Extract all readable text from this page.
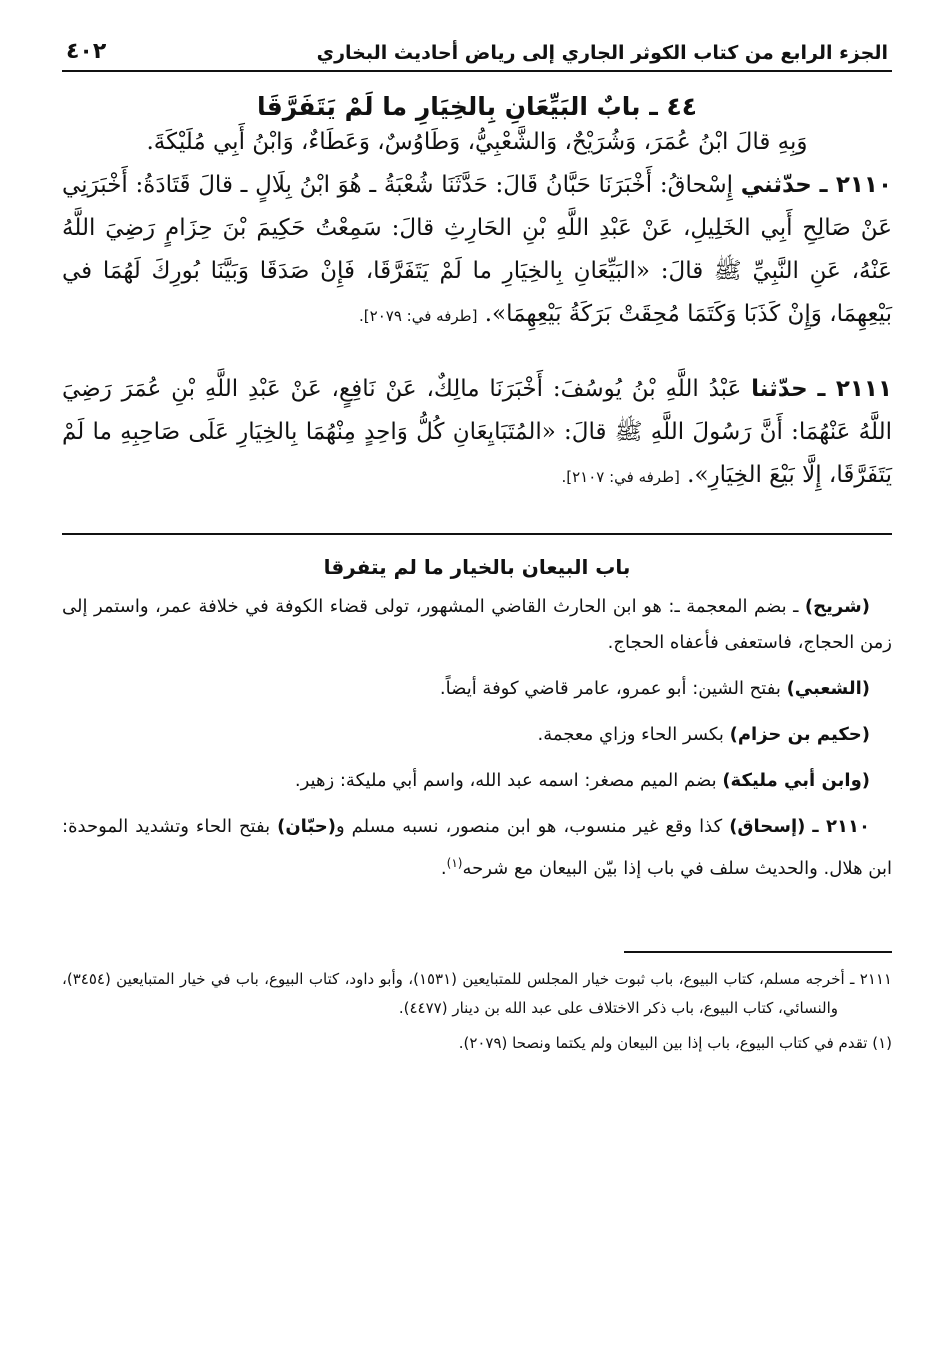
الجزء الرابع من كتاب الكوثر الجاري إلى رياض أحاديث البخاري
٤٠٢
٤٤ ـ بابٌ البَيِّعَانِ بِالخِيَارِ ما لَمْ يَتَفَرَّقَا

وَبِهِ قالَ ابْنُ عُمَرَ، وَشُرَيْحٌ، وَالشَّعْبِيُّ، وَطَاوُسٌ، وَعَطَاءٌ، وَابْنُ أَبِي مُلَيْكَةَ.

٢١١٠ ـ حدّثني إِسْحاقُ: أَخْبَرَنَا حَبَّانُ قَالَ: حَدَّثَنَا شُعْبَةُ ـ هُوَ ابْنُ بِلَالٍ ـ قالَ قَتَادَةُ: أَخْبَرَنِي عَنْ صَالِحِ أَبِي الخَلِيلِ، عَنْ عَبْدِ اللَّهِ بْنِ الحَارِثِ قالَ: سَمِعْتُ حَكِيمَ بْنَ حِزَامٍ رَضِيَ اللَّهُ عَنْهُ، عَنِ النَّبِيِّ ﷺ قالَ: «البَيِّعَانِ بِالخِيَارِ ما لَمْ يَتَفَرَّقَا، فَإِنْ صَدَقَا وَبَيَّنَا بُورِكَ لَهُمَا في بَيْعِهِمَا، وَإِنْ كَذَبَا وَكَتَمَا مُحِقَتْ بَرَكَةُ بَيْعِهِمَا». [طرفه في: ٢٠٧٩].

٢١١١ ـ حدّثنا عَبْدُ اللَّهِ بْنُ يُوسُفَ: أَخْبَرَنَا مالِكٌ، عَنْ نَافِعٍ، عَنْ عَبْدِ اللَّهِ بْنِ عُمَرَ رَضِيَ اللَّهُ عَنْهُمَا: أَنَّ رَسُولَ اللَّهِ ﷺ قالَ: «المُتَبَايِعَانِ كُلُّ وَاحِدٍ مِنْهُمَا بِالخِيَارِ عَلَى صَاحِبِهِ ما لَمْ يَتَفَرَّقَا، إِلَّا بَيْعَ الخِيَارِ». [طرفه في: ٢١٠٧].

باب البيعان بالخيار ما لم يتفرقا

(شريح) ـ بضم المعجمة ـ: هو ابن الحارث القاضي المشهور، تولى قضاء الكوفة في خلافة عمر، واستمر إلى زمن الحجاج، فاستعفى فأعفاه الحجاج.

(الشعبي) بفتح الشين: أبو عمرو، عامر قاضي كوفة أيضاً.

(حكيم بن حزام) بكسر الحاء وزاي معجمة.

(وابن أبي مليكة) بضم الميم مصغر: اسمه عبد الله، واسم أبي مليكة: زهير.

٢١١٠ ـ (إسحاق) كذا وقع غير منسوب، هو ابن منصور، نسبه مسلم و(حبّان) بفتح الحاء وتشديد الموحدة: ابن هلال. والحديث سلف في باب إذا بيّن البيعان مع شرحه$^{(١)}$.

٢١١١ ـ أخرجه مسلم، كتاب البيوع، باب ثبوت خيار المجلس للمتبايعين (١٥٣١)، وأبو داود، كتاب البيوع، باب في خيار المتبايعين (٣٤٥٤)، والنسائي، كتاب البيوع، باب ذكر الاختلاف على عبد الله بن دينار (٤٤٧٧).

(١) تقدم في كتاب البيوع، باب إذا بين البيعان ولم يكتما ونصحا (٢٠٧٩).
